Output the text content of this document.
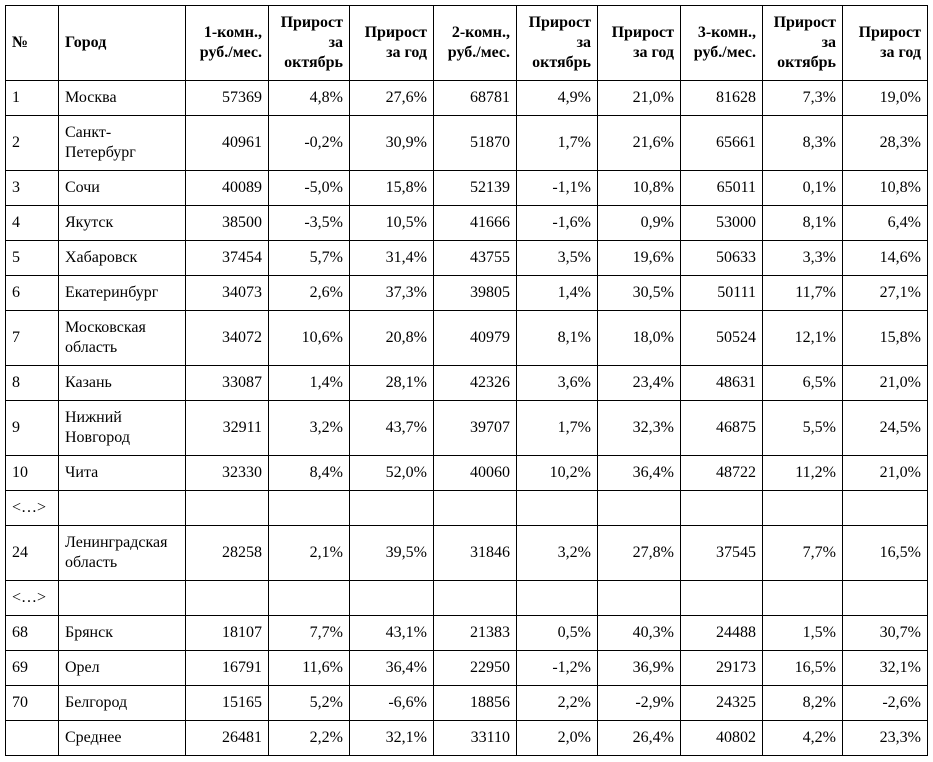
№	Город	1-комн., руб./мес.	Прирост за октябрь	Прирост за год	2-комн., руб./мес.	Прирост за октябрь	Прирост за год	3-комн., руб./мес.	Прирост за октябрь	Прирост за год
1	Москва	57369	4,8%	27,6%	68781	4,9%	21,0%	81628	7,3%	19,0%
2	Санкт-Петербург	40961	-0,2%	30,9%	51870	1,7%	21,6%	65661	8,3%	28,3%
3	Сочи	40089	-5,0%	15,8%	52139	-1,1%	10,8%	65011	0,1%	10,8%
4	Якутск	38500	-3,5%	10,5%	41666	-1,6%	0,9%	53000	8,1%	6,4%
5	Хабаровск	37454	5,7%	31,4%	43755	3,5%	19,6%	50633	3,3%	14,6%
6	Екатеринбург	34073	2,6%	37,3%	39805	1,4%	30,5%	50111	11,7%	27,1%
7	Московская область	34072	10,6%	20,8%	40979	8,1%	18,0%	50524	12,1%	15,8%
8	Казань	33087	1,4%	28,1%	42326	3,6%	23,4%	48631	6,5%	21,0%
9	Нижний Новгород	32911	3,2%	43,7%	39707	1,7%	32,3%	46875	5,5%	24,5%
10	Чита	32330	8,4%	52,0%	40060	10,2%	36,4%	48722	11,2%	21,0%
<…>										
24	Ленинградская область	28258	2,1%	39,5%	31846	3,2%	27,8%	37545	7,7%	16,5%
<…>										
68	Брянск	18107	7,7%	43,1%	21383	0,5%	40,3%	24488	1,5%	30,7%
69	Орел	16791	11,6%	36,4%	22950	-1,2%	36,9%	29173	16,5%	32,1%
70	Белгород	15165	5,2%	-6,6%	18856	2,2%	-2,9%	24325	8,2%	-2,6%
	Среднее	26481	2,2%	32,1%	33110	2,0%	26,4%	40802	4,2%	23,3%
